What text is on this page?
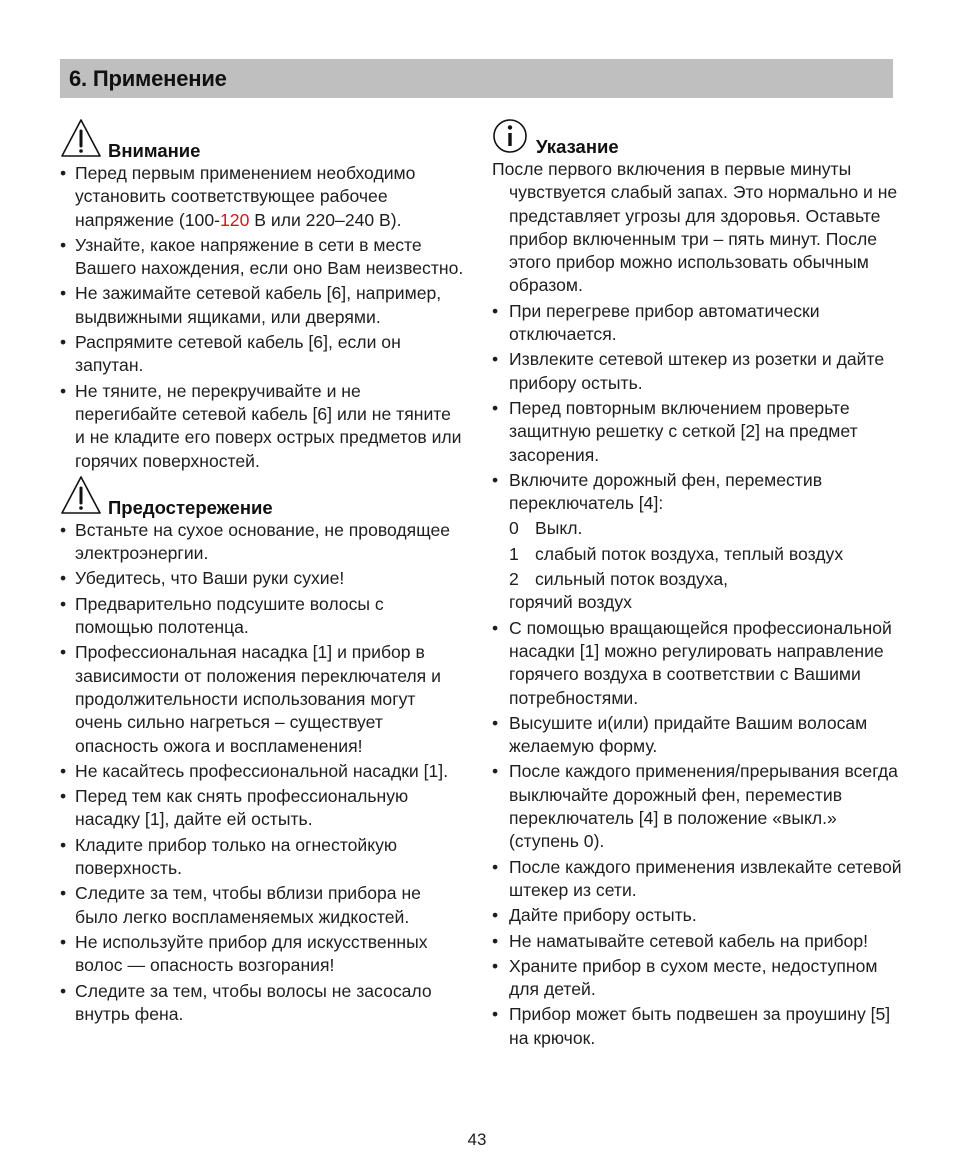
6. Применение
Внимание
• Перед первым применением необходимо установить соответствующее рабочее напряжение (100-120 В или 220–240 В).
• Узнайте, какое напряжение в сети в месте Вашего нахождения, если оно Вам неизвестно.
• Не зажимайте сетевой кабель [6], например, выдвижными ящиками, или дверями.
• Распрямите сетевой кабель [6], если он запутан.
• Не тяните, не перекручивайте и не перегибайте сетевой кабель [6] или не тяните и не кладите его поверх острых предметов или горячих поверхностей.
Предостережение
• Встаньте на сухое основание, не проводящее электроэнергии.
• Убедитесь, что Ваши руки сухие!
• Предварительно подсушите волосы с помощью полотенца.
• Профессиональная насадка [1] и прибор в зависимости от положения переключателя и продолжительности использования могут очень сильно нагреться – существует опасность ожога и воспламенения!
• Не касайтесь профессиональной насадки [1].
• Перед тем как снять профессиональную насадку [1], дайте ей остыть.
• Кладите прибор только на огнестойкую поверхность.
• Следите за тем, чтобы вблизи прибора не было легко воспламеняемых жидкостей.
• Не используйте прибор для искусственных волос — опасность возгорания!
• Следите за тем, чтобы волосы не засосало внутрь фена.
Указание

После первого включения в первые минуты
чувствуется слабый запах. Это нормально и не представляет угрозы для здоровья. Оставьте прибор включенным три – пять минут. После этого прибор можно использовать обычным образом.

• При перегреве прибор автоматически отключается.
• Извлеките сетевой штекер из розетки и дайте прибору остыть.
• Перед повторным включением проверьте защитную решетку с сеткой [2] на предмет засорения.
• Включите дорожный фен, переместив переключатель [4]:
0 Выкл.
1 слабый поток воздуха, теплый воздух
2 сильный поток воздуха,
горячий воздух
• С помощью вращающейся профессиональной насадки [1] можно регулировать направление горячего воздуха в соответствии с Вашими потребностями.
• Высушите и(или) придайте Вашим волосам желаемую форму.
• После каждого применения/прерывания всегда выключайте дорожный фен, переместив переключатель [4] в положение «выкл.» (ступень 0).
• После каждого применения извлекайте сетевой штекер из сети.
• Дайте прибору остыть.
• Не наматывайте сетевой кабель на прибор!
• Храните прибор в сухом месте, недоступном для детей.
• Прибор может быть подвешен за проушину [5] на крючок.
43
